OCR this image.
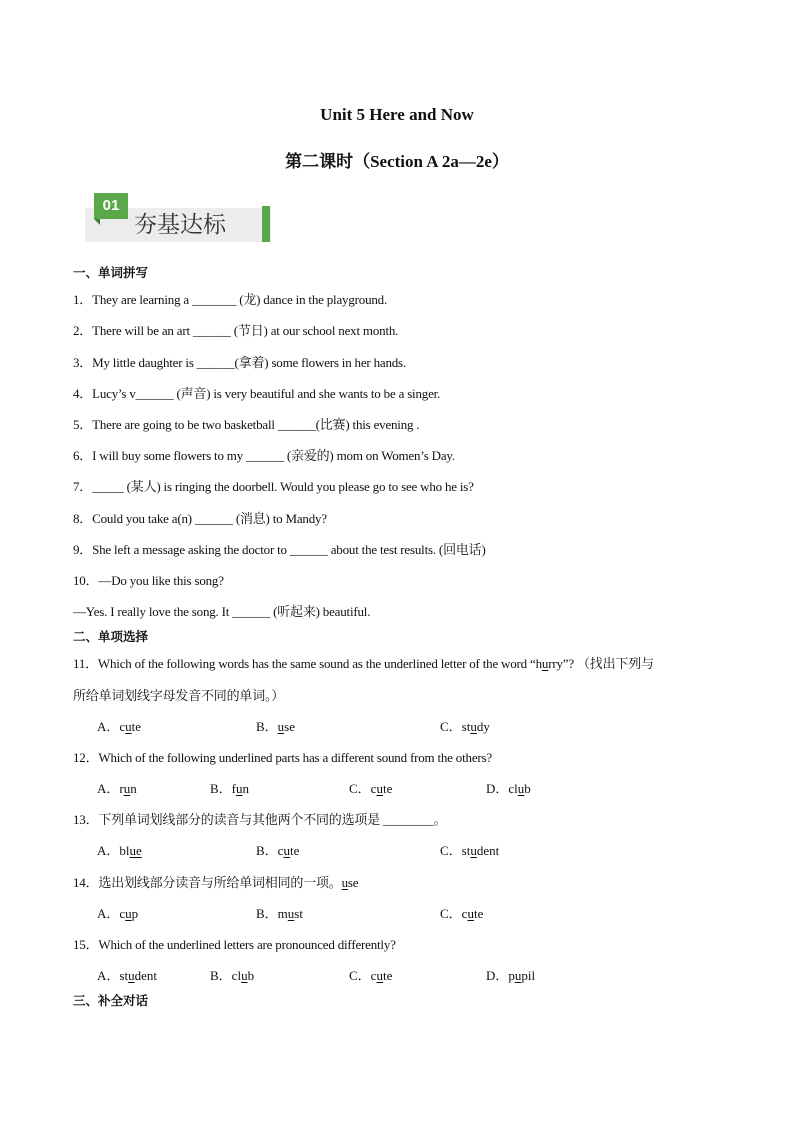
Unit 5 Here and Now
第二课时（Section A 2a—2e）
01
夯基达标
一、单词拼写
1．They are learning a _______ (龙) dance in the playground.
2．There will be an art ______ (节日) at our school next month.
3．My little daughter is ______(拿着) some flowers in her hands.
4．Lucy’s v______ (声音) is very beautiful and she wants to be a singer.
5．There are going to be two basketball ______(比赛) this evening .
6．I will buy some flowers to my ______ (亲爱的) mom on Women’s Day.
7．_____ (某人) is ringing the doorbell. Would you please go to see who he is?
8．Could you take a(n) ______ (消息) to Mandy?
9．She left a message asking the doctor to ______ about the test results. (回电话)
10．—Do you like this song?
—Yes. I really love the song. It ______ (听起来) beautiful.
二、单项选择
11．Which of the following words has the same sound as the underlined letter of the word “hurry”? （找出下列与
所给单词划线字母发音不同的单词。）
A．cute	B．use	C．study
12．Which of the following underlined parts has a different sound from the others?
A．run	B．fun	C．cute	D．club
13．下列单词划线部分的读音与其他两个不同的选项是 ________。
A．blue	B．cute	C．student
14．选出划线部分读音与所给单词相同的一项。use
A．cup	B．must	C．cute
15．Which of the underlined letters are pronounced differently?
A．student	B．club	C．cute	D．pupil
三、补全对话
